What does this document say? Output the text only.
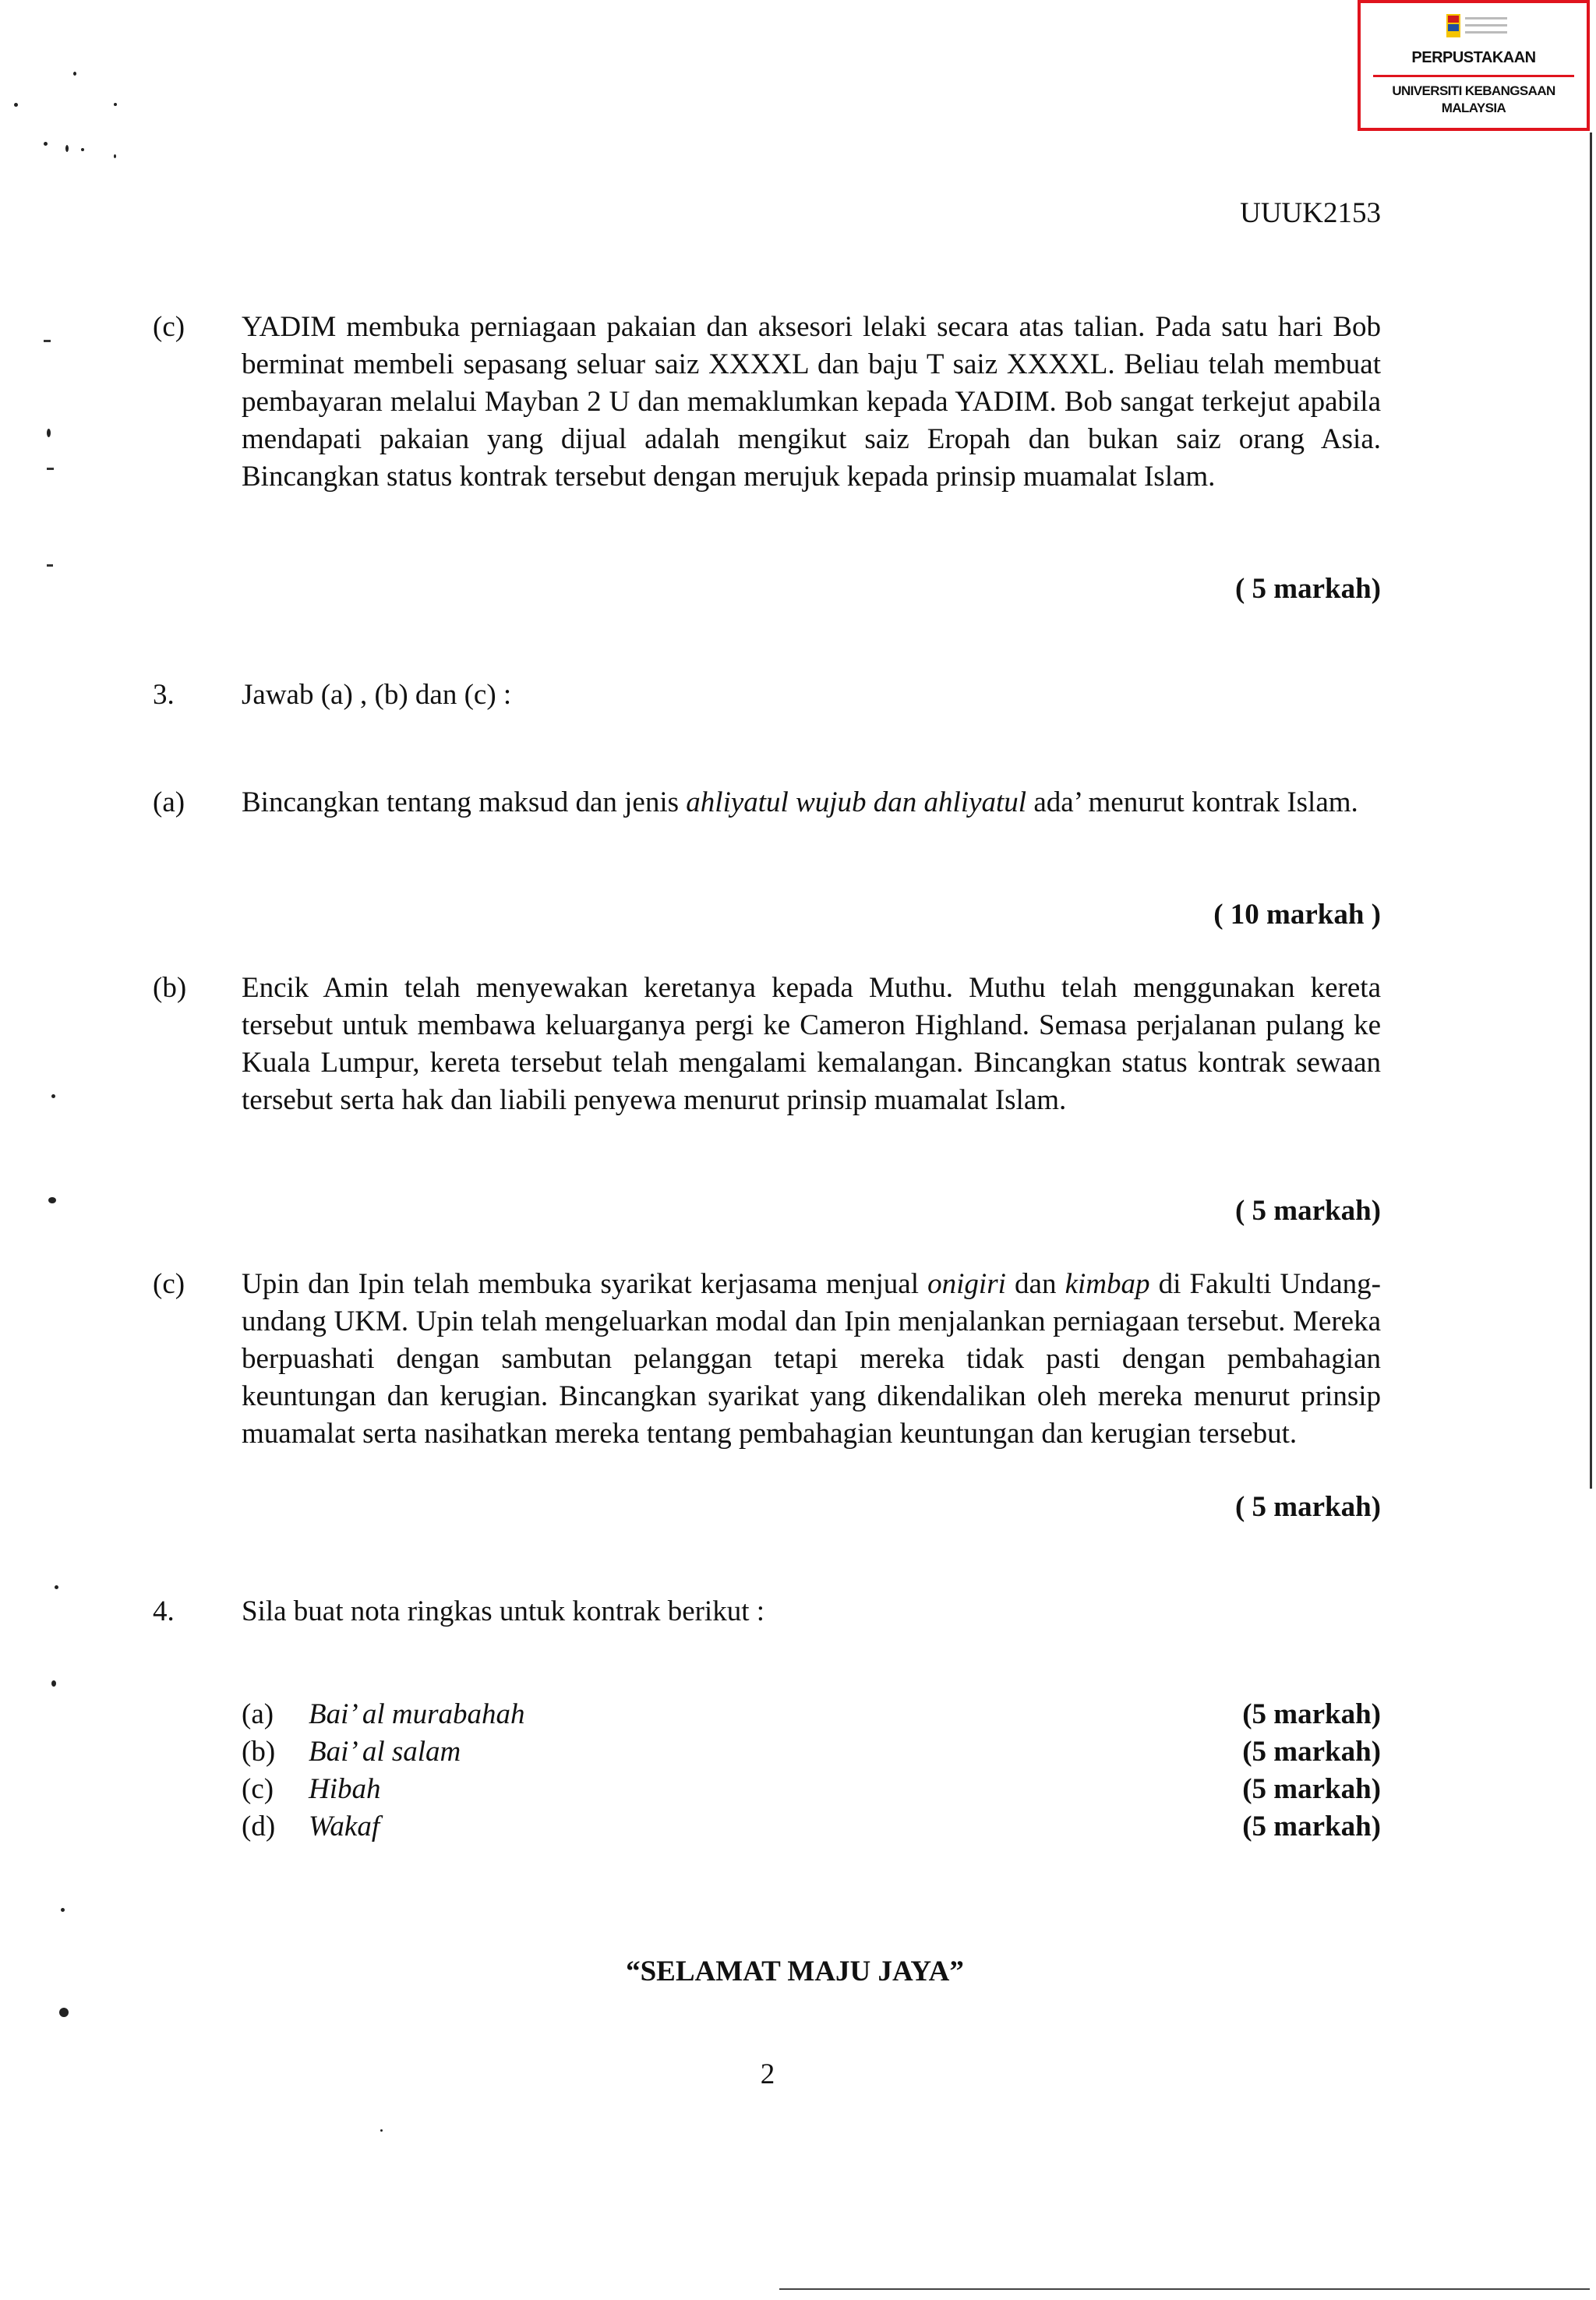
PERPUSTAKAAN
UNIVERSITI KEBANGSAAN MALAYSIA
UUUK2153
(c) YADIM membuka perniagaan pakaian dan aksesori lelaki secara atas talian. Pada satu hari Bob berminat membeli sepasang seluar saiz XXXXL dan baju T saiz XXXXL. Beliau telah membuat pembayaran melalui Mayban 2 U dan memaklumkan kepada YADIM. Bob sangat terkejut apabila mendapati pakaian yang dijual adalah mengikut saiz Eropah dan bukan saiz orang Asia. Bincangkan status kontrak tersebut dengan merujuk kepada prinsip muamalat Islam.
( 5 markah)
3. Jawab (a) , (b) dan (c) :
(a) Bincangkan tentang maksud dan jenis ahliyatul wujub dan ahliyatul ada’ menurut kontrak Islam.
( 10 markah )
(b) Encik Amin telah menyewakan keretanya kepada Muthu. Muthu telah menggunakan kereta tersebut untuk membawa keluarganya pergi ke Cameron Highland. Semasa perjalanan pulang ke Kuala Lumpur, kereta tersebut telah mengalami kemalangan. Bincangkan status kontrak sewaan tersebut serta hak dan liabili penyewa menurut prinsip muamalat Islam.
( 5 markah)
(c) Upin dan Ipin telah membuka syarikat kerjasama menjual onigiri dan kimbap di Fakulti Undang-undang UKM. Upin telah mengeluarkan modal dan Ipin menjalankan perniagaan tersebut. Mereka berpuashati dengan sambutan pelanggan tetapi mereka tidak pasti dengan pembahagian keuntungan dan kerugian. Bincangkan syarikat yang dikendalikan oleh mereka menurut prinsip muamalat serta nasihatkan mereka tentang pembahagian keuntungan dan kerugian tersebut.
( 5 markah)
4. Sila buat nota ringkas untuk kontrak berikut :
(a) Bai’ al murabahah	(5 markah)
(b) Bai’ al salam	(5 markah)
(c) Hibah	(5 markah)
(d) Wakaf	(5 markah)
“SELAMAT MAJU JAYA”
2
